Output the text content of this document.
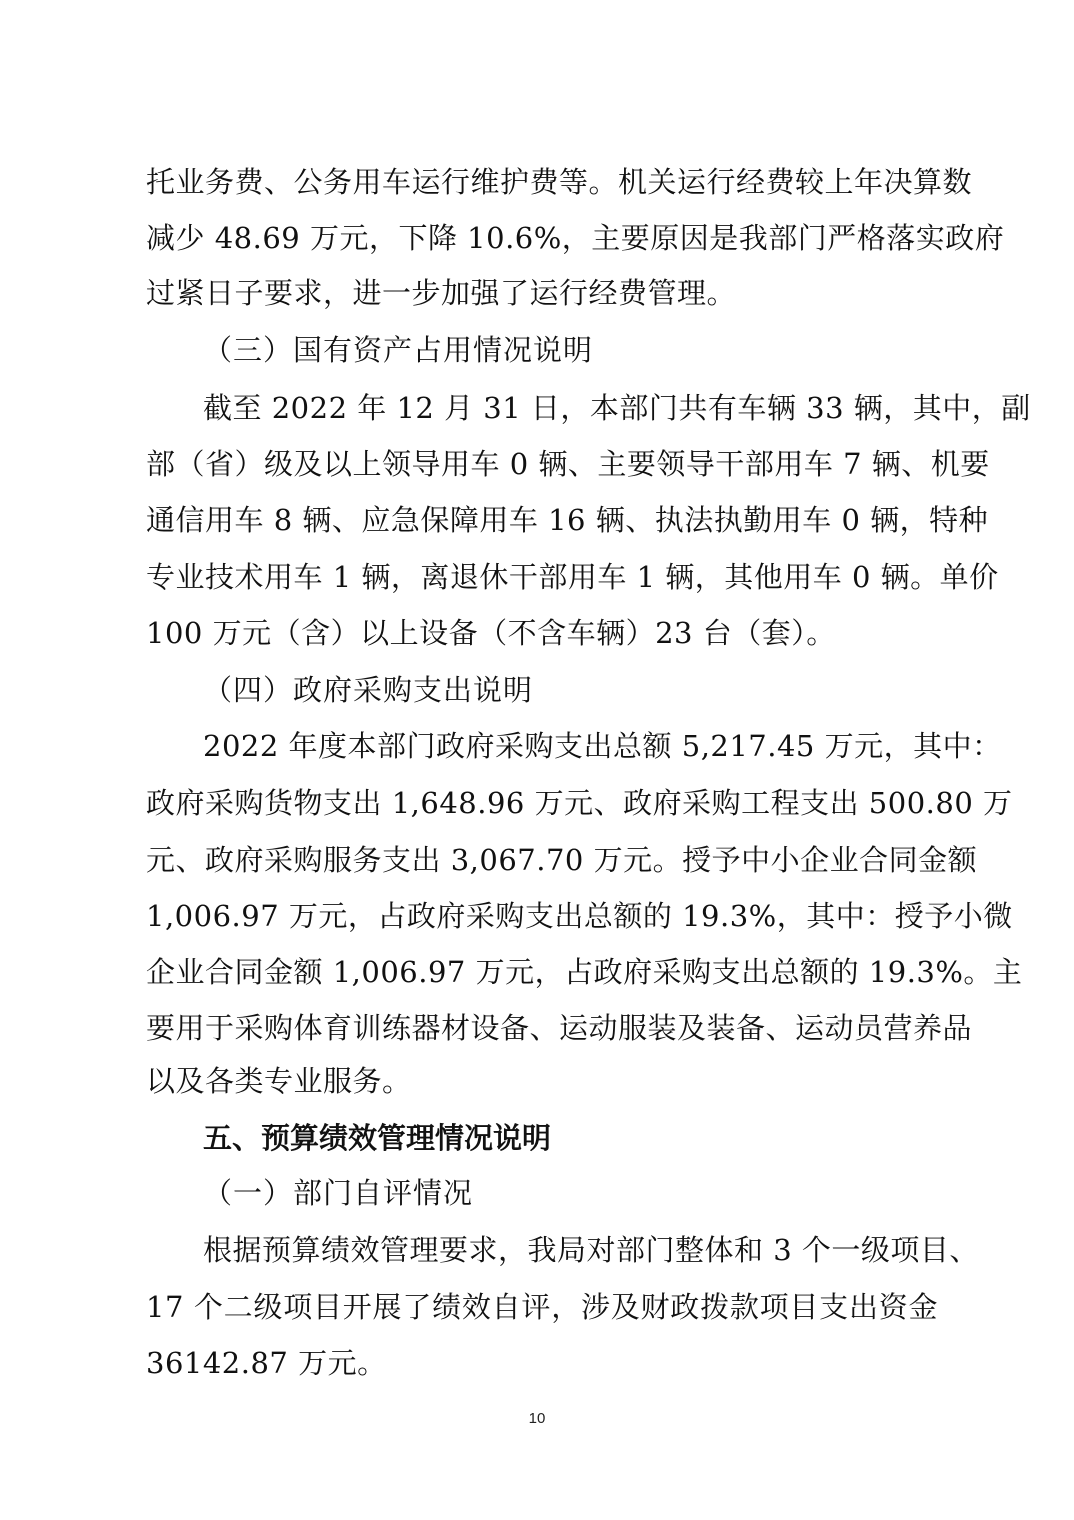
托业务费、公务用车运行维护费等。机关运行经费较上年决算数
减少 48.69 万元，下降 10.6%，主要原因是我部门严格落实政府
过紧日子要求，进一步加强了运行经费管理。
（三）国有资产占用情况说明
截至 2022 年 12 月 31 日，本部门共有车辆 33 辆，其中，副
部（省）级及以上领导用车 0 辆、主要领导干部用车 7 辆、机要
通信用车 8 辆、应急保障用车 16 辆、执法执勤用车 0 辆，特种
专业技术用车 1 辆，离退休干部用车 1 辆，其他用车 0 辆。单价
100 万元（含）以上设备（不含车辆）23 台（套）。
（四）政府采购支出说明
2022 年度本部门政府采购支出总额 5,217.45 万元，其中：
政府采购货物支出 1,648.96 万元、政府采购工程支出 500.80 万
元、政府采购服务支出 3,067.70 万元。授予中小企业合同金额
1,006.97 万元，占政府采购支出总额的 19.3%，其中：授予小微
企业合同金额 1,006.97 万元，占政府采购支出总额的 19.3%。主
要用于采购体育训练器材设备、运动服装及装备、运动员营养品
以及各类专业服务。
五、预算绩效管理情况说明
（一）部门自评情况
根据预算绩效管理要求，我局对部门整体和 3 个一级项目、
17 个二级项目开展了绩效自评，涉及财政拨款项目支出资金
36142.87 万元。
10
